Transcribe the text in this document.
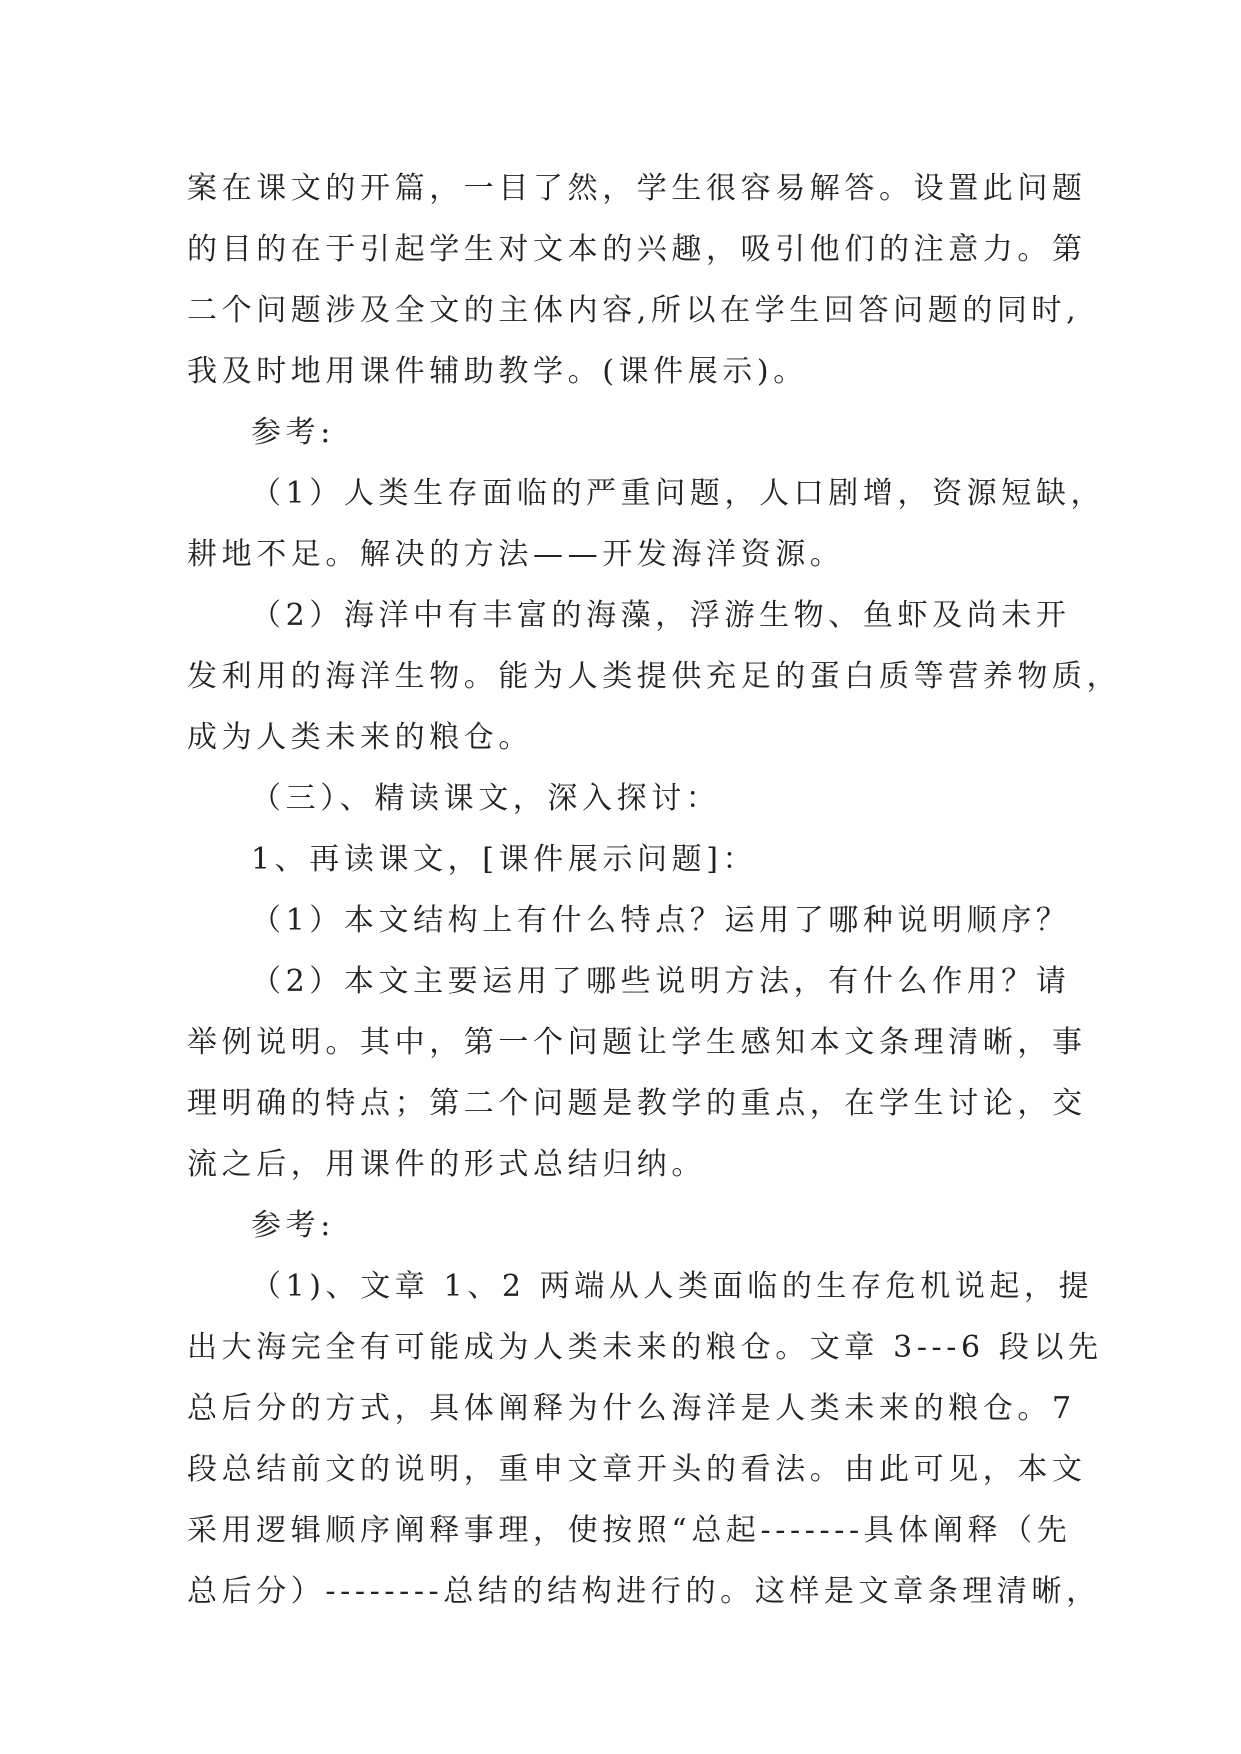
案在课文的开篇，一目了然，学生很容易解答。设置此问题
的目的在于引起学生对文本的兴趣，吸引他们的注意力。第
二个问题涉及全文的主体内容,所以在学生回答问题的同时,
我及时地用课件辅助教学。(课件展示)。
参考:
（1）人类生存面临的严重问题，人口剧增，资源短缺，
耕地不足。解决的方法——开发海洋资源。
（2）海洋中有丰富的海藻，浮游生物、鱼虾及尚未开
发利用的海洋生物。能为人类提供充足的蛋白质等营养物质，
成为人类未来的粮仓。
（三）、精读课文，深入探讨：
1、再读课文，[课件展示问题]：
（1）本文结构上有什么特点？运用了哪种说明顺序？
（2）本文主要运用了哪些说明方法，有什么作用？请
举例说明。其中，第一个问题让学生感知本文条理清晰，事
理明确的特点；第二个问题是教学的重点，在学生讨论，交
流之后，用课件的形式总结归纳。
参考:
（1)、文章 1、2 两端从人类面临的生存危机说起，提
出大海完全有可能成为人类未来的粮仓。文章 3---6 段以先
总后分的方式，具体阐释为什么海洋是人类未来的粮仓。7
段总结前文的说明，重申文章开头的看法。由此可见，本文
采用逻辑顺序阐释事理，使按照“总起-------具体阐释（先
总后分）--------总结的结构进行的。这样是文章条理清晰，
